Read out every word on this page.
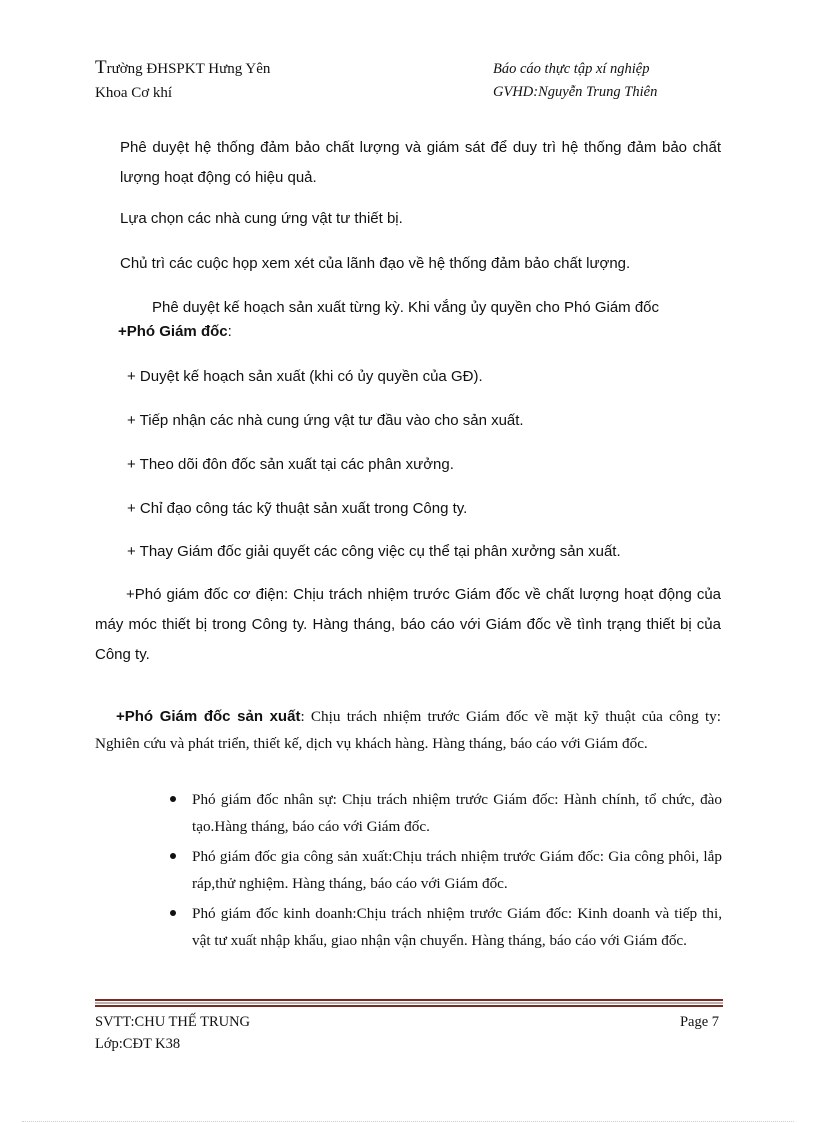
Trường ĐHSPKT Hưng Yên
Khoa Cơ khí
Báo cáo thực tập xí nghiệp
GVHD:Nguyễn Trung Thiên

Phê duyệt hệ thống đảm bảo chất lượng và giám sát để duy trì hệ thống đảm bảo chất lượng hoạt động có hiệu quả.

Lựa chọn các nhà cung ứng vật tư thiết bị.

Chủ trì các cuộc họp xem xét của lãnh đạo về hệ thống đảm bảo chất lượng.

Phê duyệt kế hoạch sản xuất từng kỳ. Khi vắng ủy quyền cho Phó Giám đốc

+Phó Giám đốc:

+ Duyệt kế hoạch sản xuất (khi có ủy quyền của GĐ).

+ Tiếp nhận các nhà cung ứng vật tư đầu vào cho sản xuất.

+ Theo dõi đôn đốc sản xuất tại các phân xưởng.

+ Chỉ đạo công tác kỹ thuật sản xuất trong Công ty.

+ Thay Giám đốc giải quyết các công việc cụ thể tại phân xưởng sản xuất.

+Phó giám đốc cơ điện: Chịu trách nhiệm trước Giám đốc về chất lượng hoạt động của máy móc thiết bị trong Công ty. Hàng tháng, báo cáo với Giám đốc về tình trạng thiết bị của Công ty.

+Phó Giám đốc sản xuất: Chịu trách nhiệm trước Giám đốc về mặt kỹ thuật của công ty: Nghiên cứu và phát triển, thiết kế, dịch vụ khách hàng. Hàng tháng, báo cáo với Giám đốc.

Phó giám đốc nhân sự: Chịu trách nhiệm trước Giám đốc: Hành chính, tổ chức, đào tạo.Hàng tháng, báo cáo với Giám đốc.
Phó giám đốc gia công sản xuất:Chịu trách nhiệm trước Giám đốc: Gia công phôi, lắp ráp,thử nghiệm. Hàng tháng, báo cáo với Giám đốc.
Phó giám đốc kinh doanh:Chịu trách nhiệm trước Giám đốc: Kinh doanh và tiếp thi, vật tư xuất nhập khẩu, giao nhận vận chuyển. Hàng tháng, báo cáo với Giám đốc.
SVTT:CHU THẾ TRUNG
Lớp:CĐT K38
Page 7
